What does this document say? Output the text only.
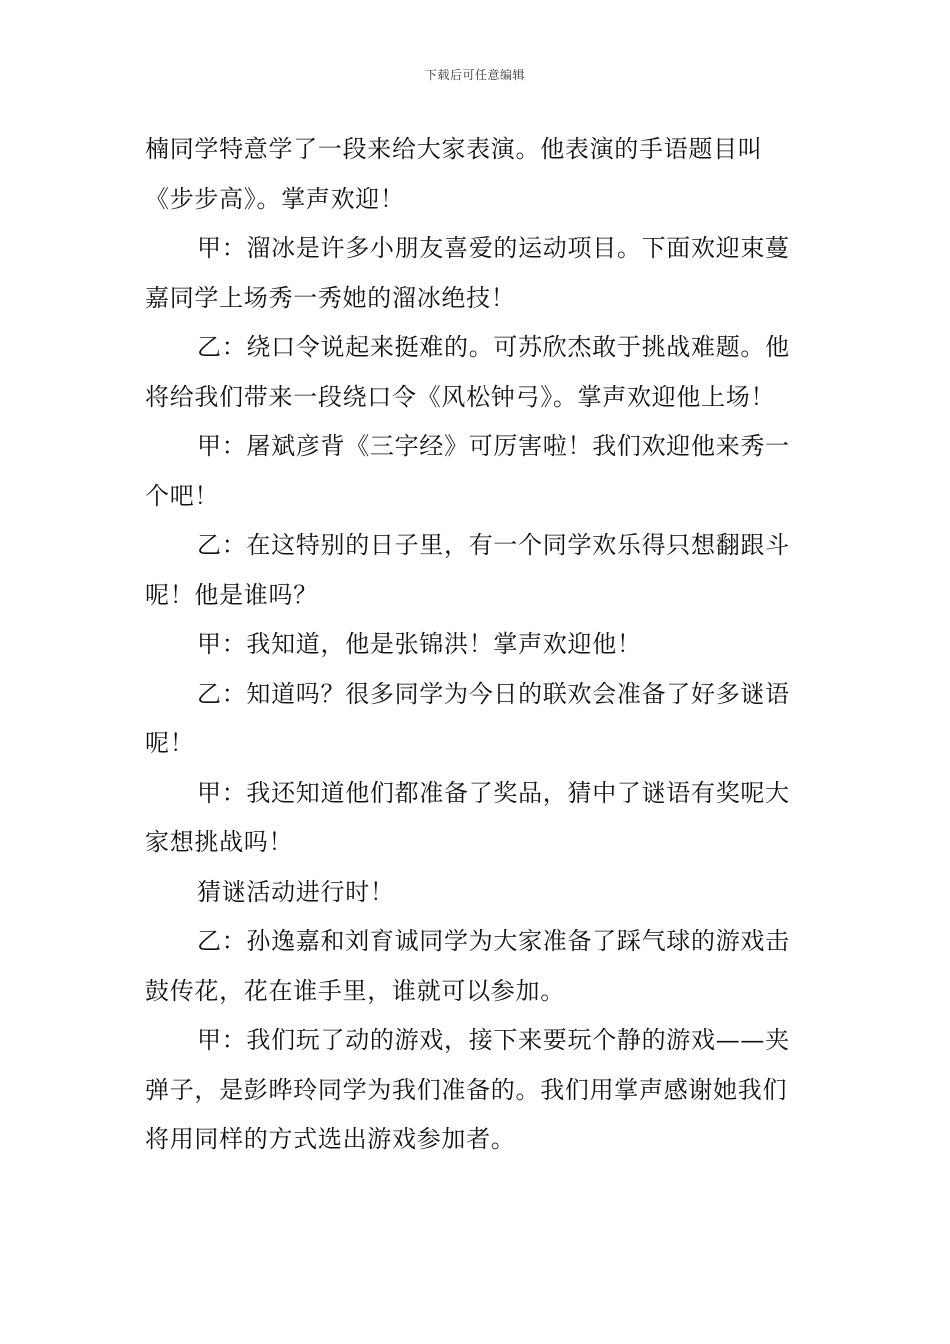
下载后可任意编辑

楠同学特意学了一段来给大家表演。他表演的手语题目叫《步步高》。掌声欢迎！

甲：溜冰是许多小朋友喜爱的运动项目。下面欢迎束蔓嘉同学上场秀一秀她的溜冰绝技！

乙：绕口令说起来挺难的。可苏欣杰敢于挑战难题。他将给我们带来一段绕口令《风松钟弓》。掌声欢迎他上场！

甲：屠斌彦背《三字经》可厉害啦！我们欢迎他来秀一个吧！

乙：在这特别的日子里，有一个同学欢乐得只想翻跟斗呢！他是谁吗？

甲：我知道，他是张锦洪！掌声欢迎他！

乙：知道吗？很多同学为今日的联欢会准备了好多谜语呢！

甲：我还知道他们都准备了奖品，猜中了谜语有奖呢大家想挑战吗！

猜谜活动进行时！

乙：孙逸嘉和刘育诚同学为大家准备了踩气球的游戏击鼓传花，花在谁手里，谁就可以参加。

甲：我们玩了动的游戏，接下来要玩个静的游戏——夹弹子，是彭晔玲同学为我们准备的。我们用掌声感谢她我们将用同样的方式选出游戏参加者。
